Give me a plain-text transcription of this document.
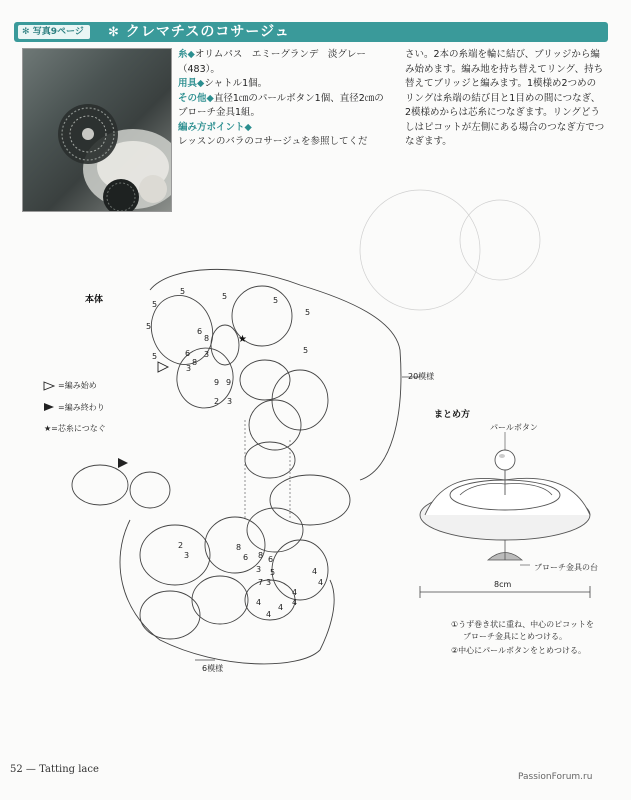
✻ 写真9ページ	✻ クレマチスのコサージュ
糸◆オリムパス　エミーグランデ　淡グレー（483）。
用具◆シャトル1個。
その他◆直径1㎝のパールボタン1個、直径2㎝のブローチ金具1組。
編み方ポイント◆
レッスンのバラのコサージュを参照してくだ
さい。2本の糸端を輪に結び、ブリッジから編み始めます。編み地を持ち替えてリング、持ち替えてブリッジと編みます。1模様め2つめのリングは糸端の結び目と1目めの間につなぎ、2模様めからは芯糸につなぎます。リングどうしはピコットが左側にある場合のつなぎ方でつなぎます。
★
本体
=編み始め
=編み終わり
★=芯糸につなぐ
20模様
6模様
5
5
5
5
5	5
5
5
6
8
3
6
8
3
9 9
2 3
8
6 8
3
6
5
3
7
4
4
4
4
4
4
4
2
3
まとめ方
パールボタン
ブローチ金具の台
8cm
①うず巻き状に重ね、中心のピコットを
ブローチ金具にとめつける。
②中心にパールボタンをとめつける。
52 — Tatting lace
PassionForum.ru
